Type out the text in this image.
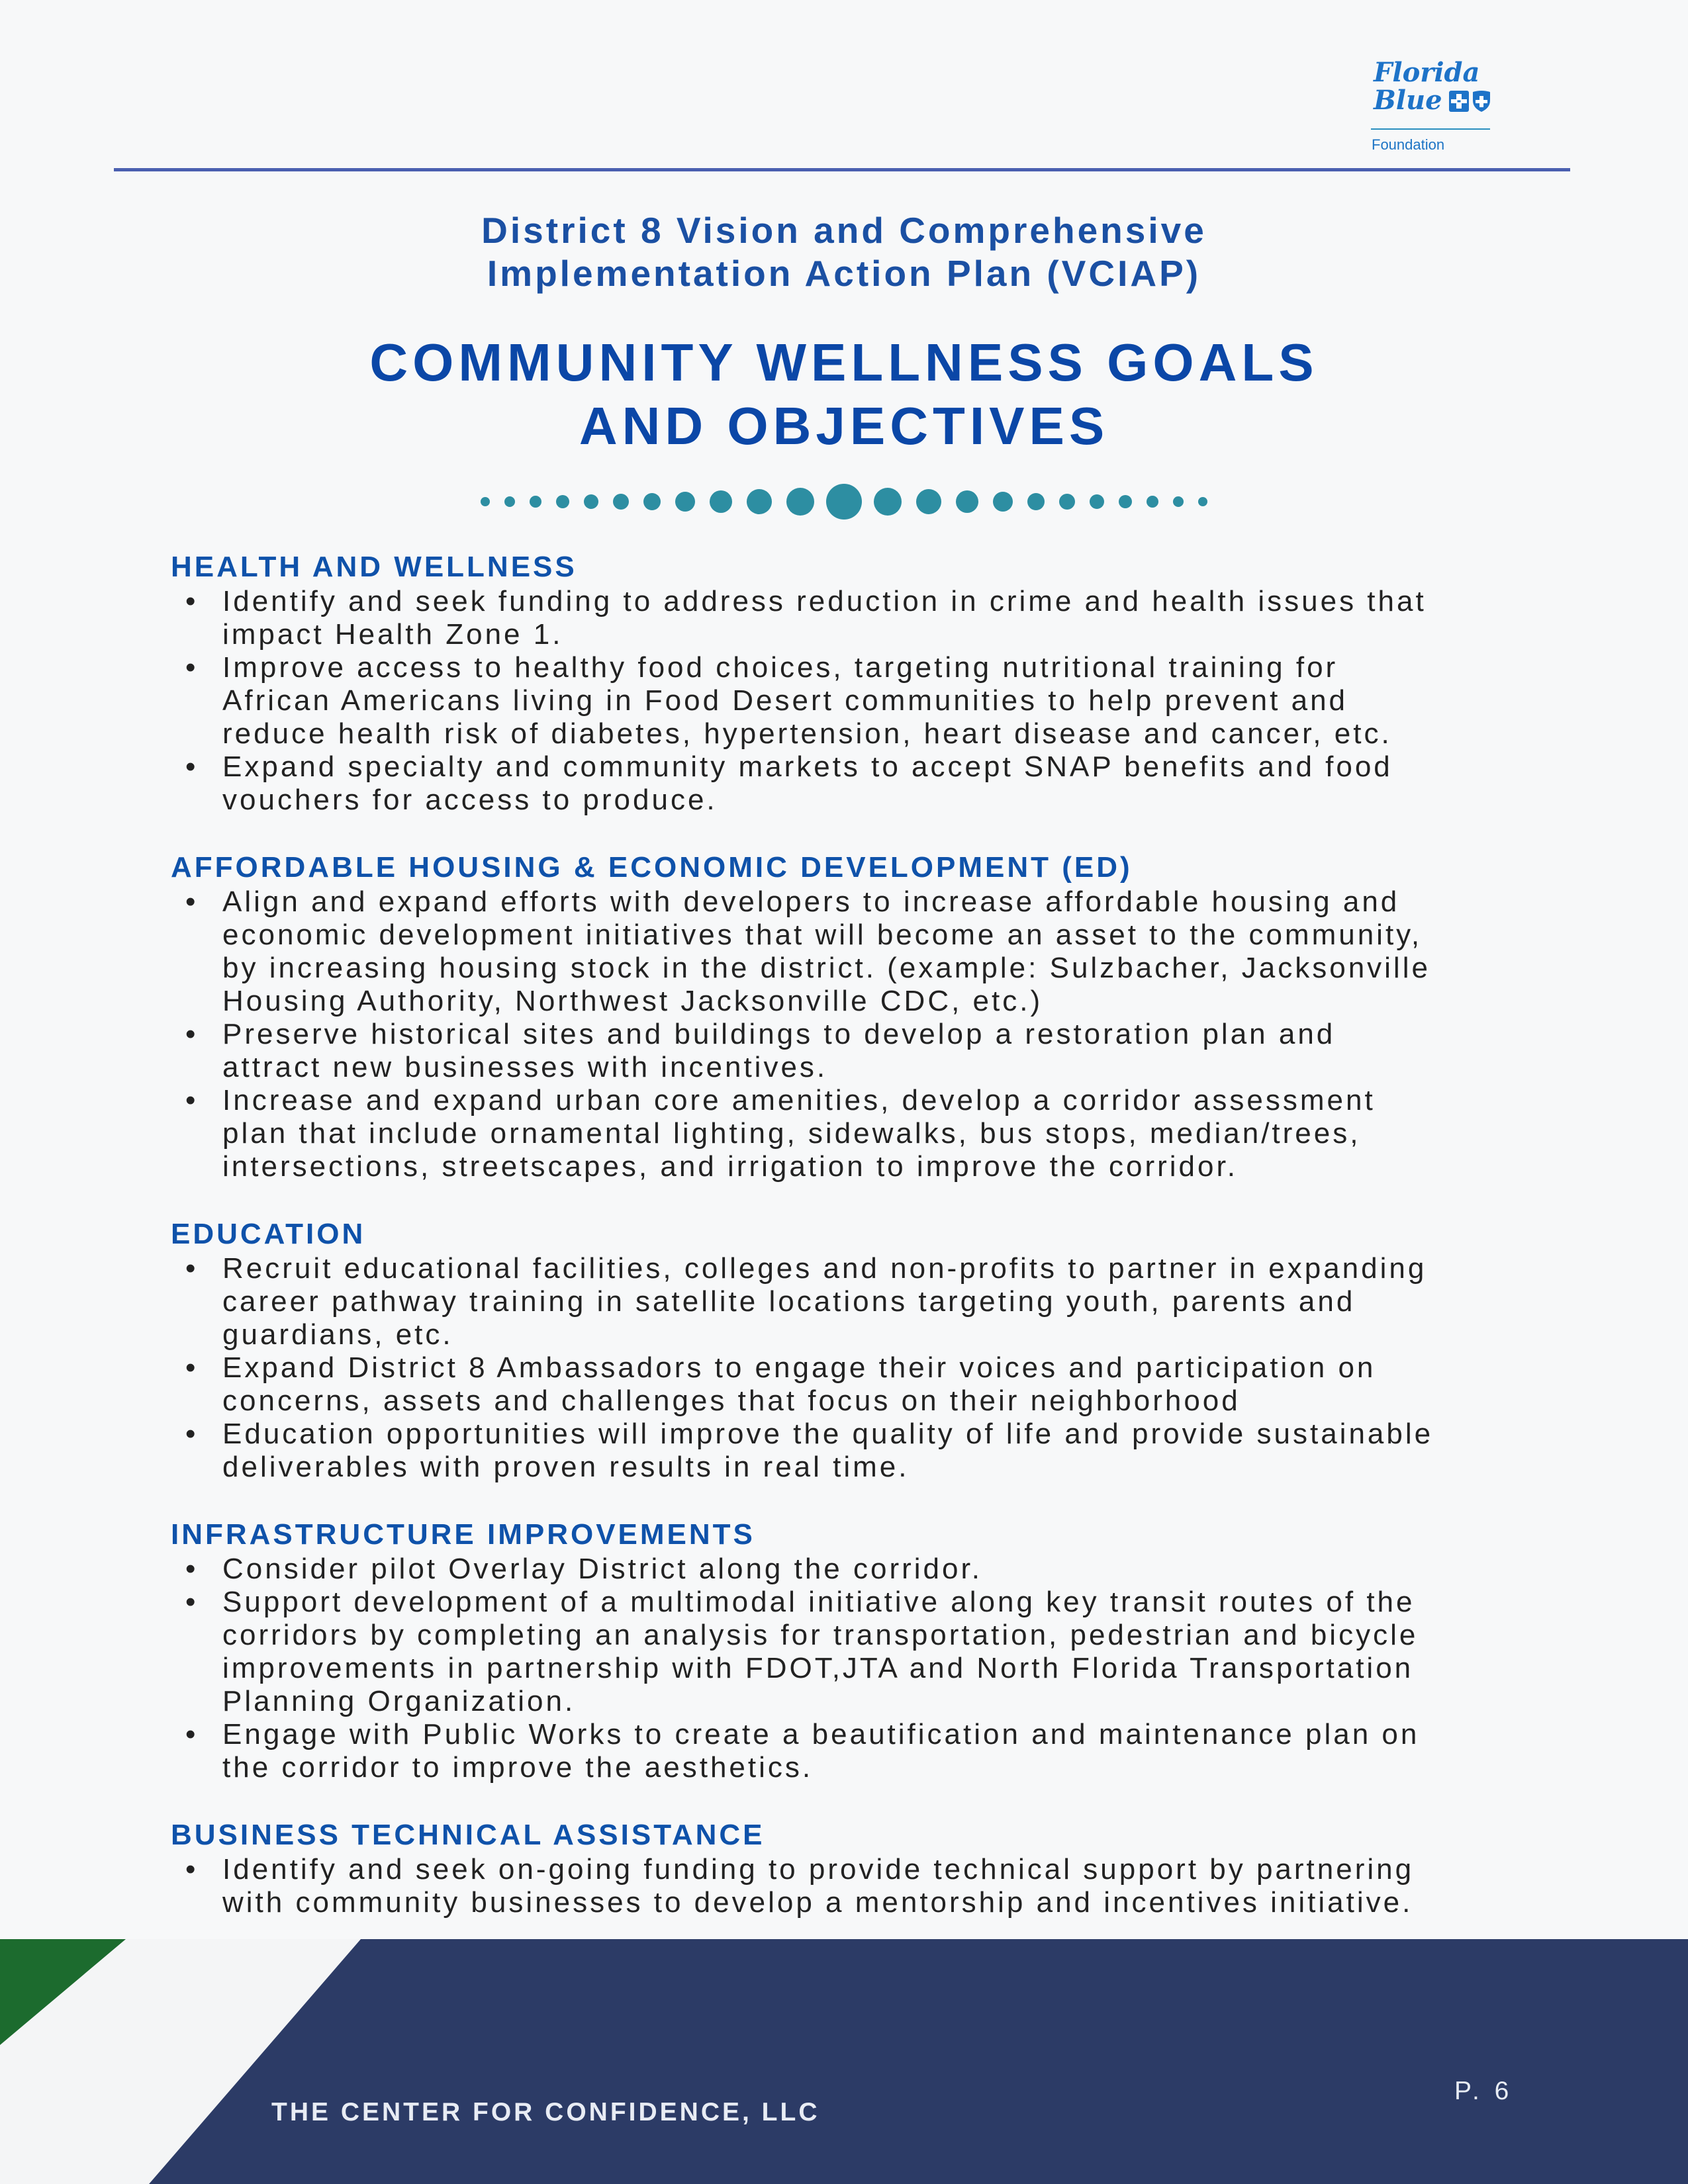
Florida
Blue
Foundation
District 8 Vision and Comprehensive
Implementation Action Plan (VCIAP)
COMMUNITY WELLNESS GOALS
AND OBJECTIVES
HEALTH AND WELLNESS
• Identify and seek funding to address reduction in crime and health issues that
impact Health Zone 1.
• Improve access to healthy food choices, targeting nutritional training for
African Americans living in Food Desert communities to help prevent and
reduce health risk of diabetes, hypertension, heart disease and cancer, etc.
• Expand specialty and community markets to accept SNAP benefits and food
vouchers for access to produce.
AFFORDABLE HOUSING & ECONOMIC DEVELOPMENT (ED)
• Align and expand efforts with developers to increase affordable housing and
economic development initiatives that will become an asset to the community,
by increasing housing stock in the district. (example: Sulzbacher, Jacksonville
Housing Authority, Northwest Jacksonville CDC, etc.)
• Preserve historical sites and buildings to develop a restoration plan and
attract new businesses with incentives.
• Increase and expand urban core amenities, develop a corridor assessment
plan that include ornamental lighting, sidewalks, bus stops, median/trees,
intersections, streetscapes, and irrigation to improve the corridor.
EDUCATION
• Recruit educational facilities, colleges and non-profits to partner in expanding
career pathway training in satellite locations targeting youth, parents and
guardians, etc.
• Expand District 8 Ambassadors to engage their voices and participation on
concerns, assets and challenges that focus on their neighborhood
• Education opportunities will improve the quality of life and provide sustainable
deliverables with proven results in real time.
INFRASTRUCTURE IMPROVEMENTS
• Consider pilot Overlay District along the corridor.
• Support development of a multimodal initiative along key transit routes of the
corridors by completing an analysis for transportation, pedestrian and bicycle
improvements in partnership with FDOT,JTA and North Florida Transportation
Planning Organization.
• Engage with Public Works to create a beautification and maintenance plan on
the corridor to improve the aesthetics.
BUSINESS TECHNICAL ASSISTANCE
• Identify and seek on-going funding to provide technical support by partnering
with community businesses to develop a mentorship and incentives initiative.
THE CENTER FOR CONFIDENCE, LLC
P. 6
